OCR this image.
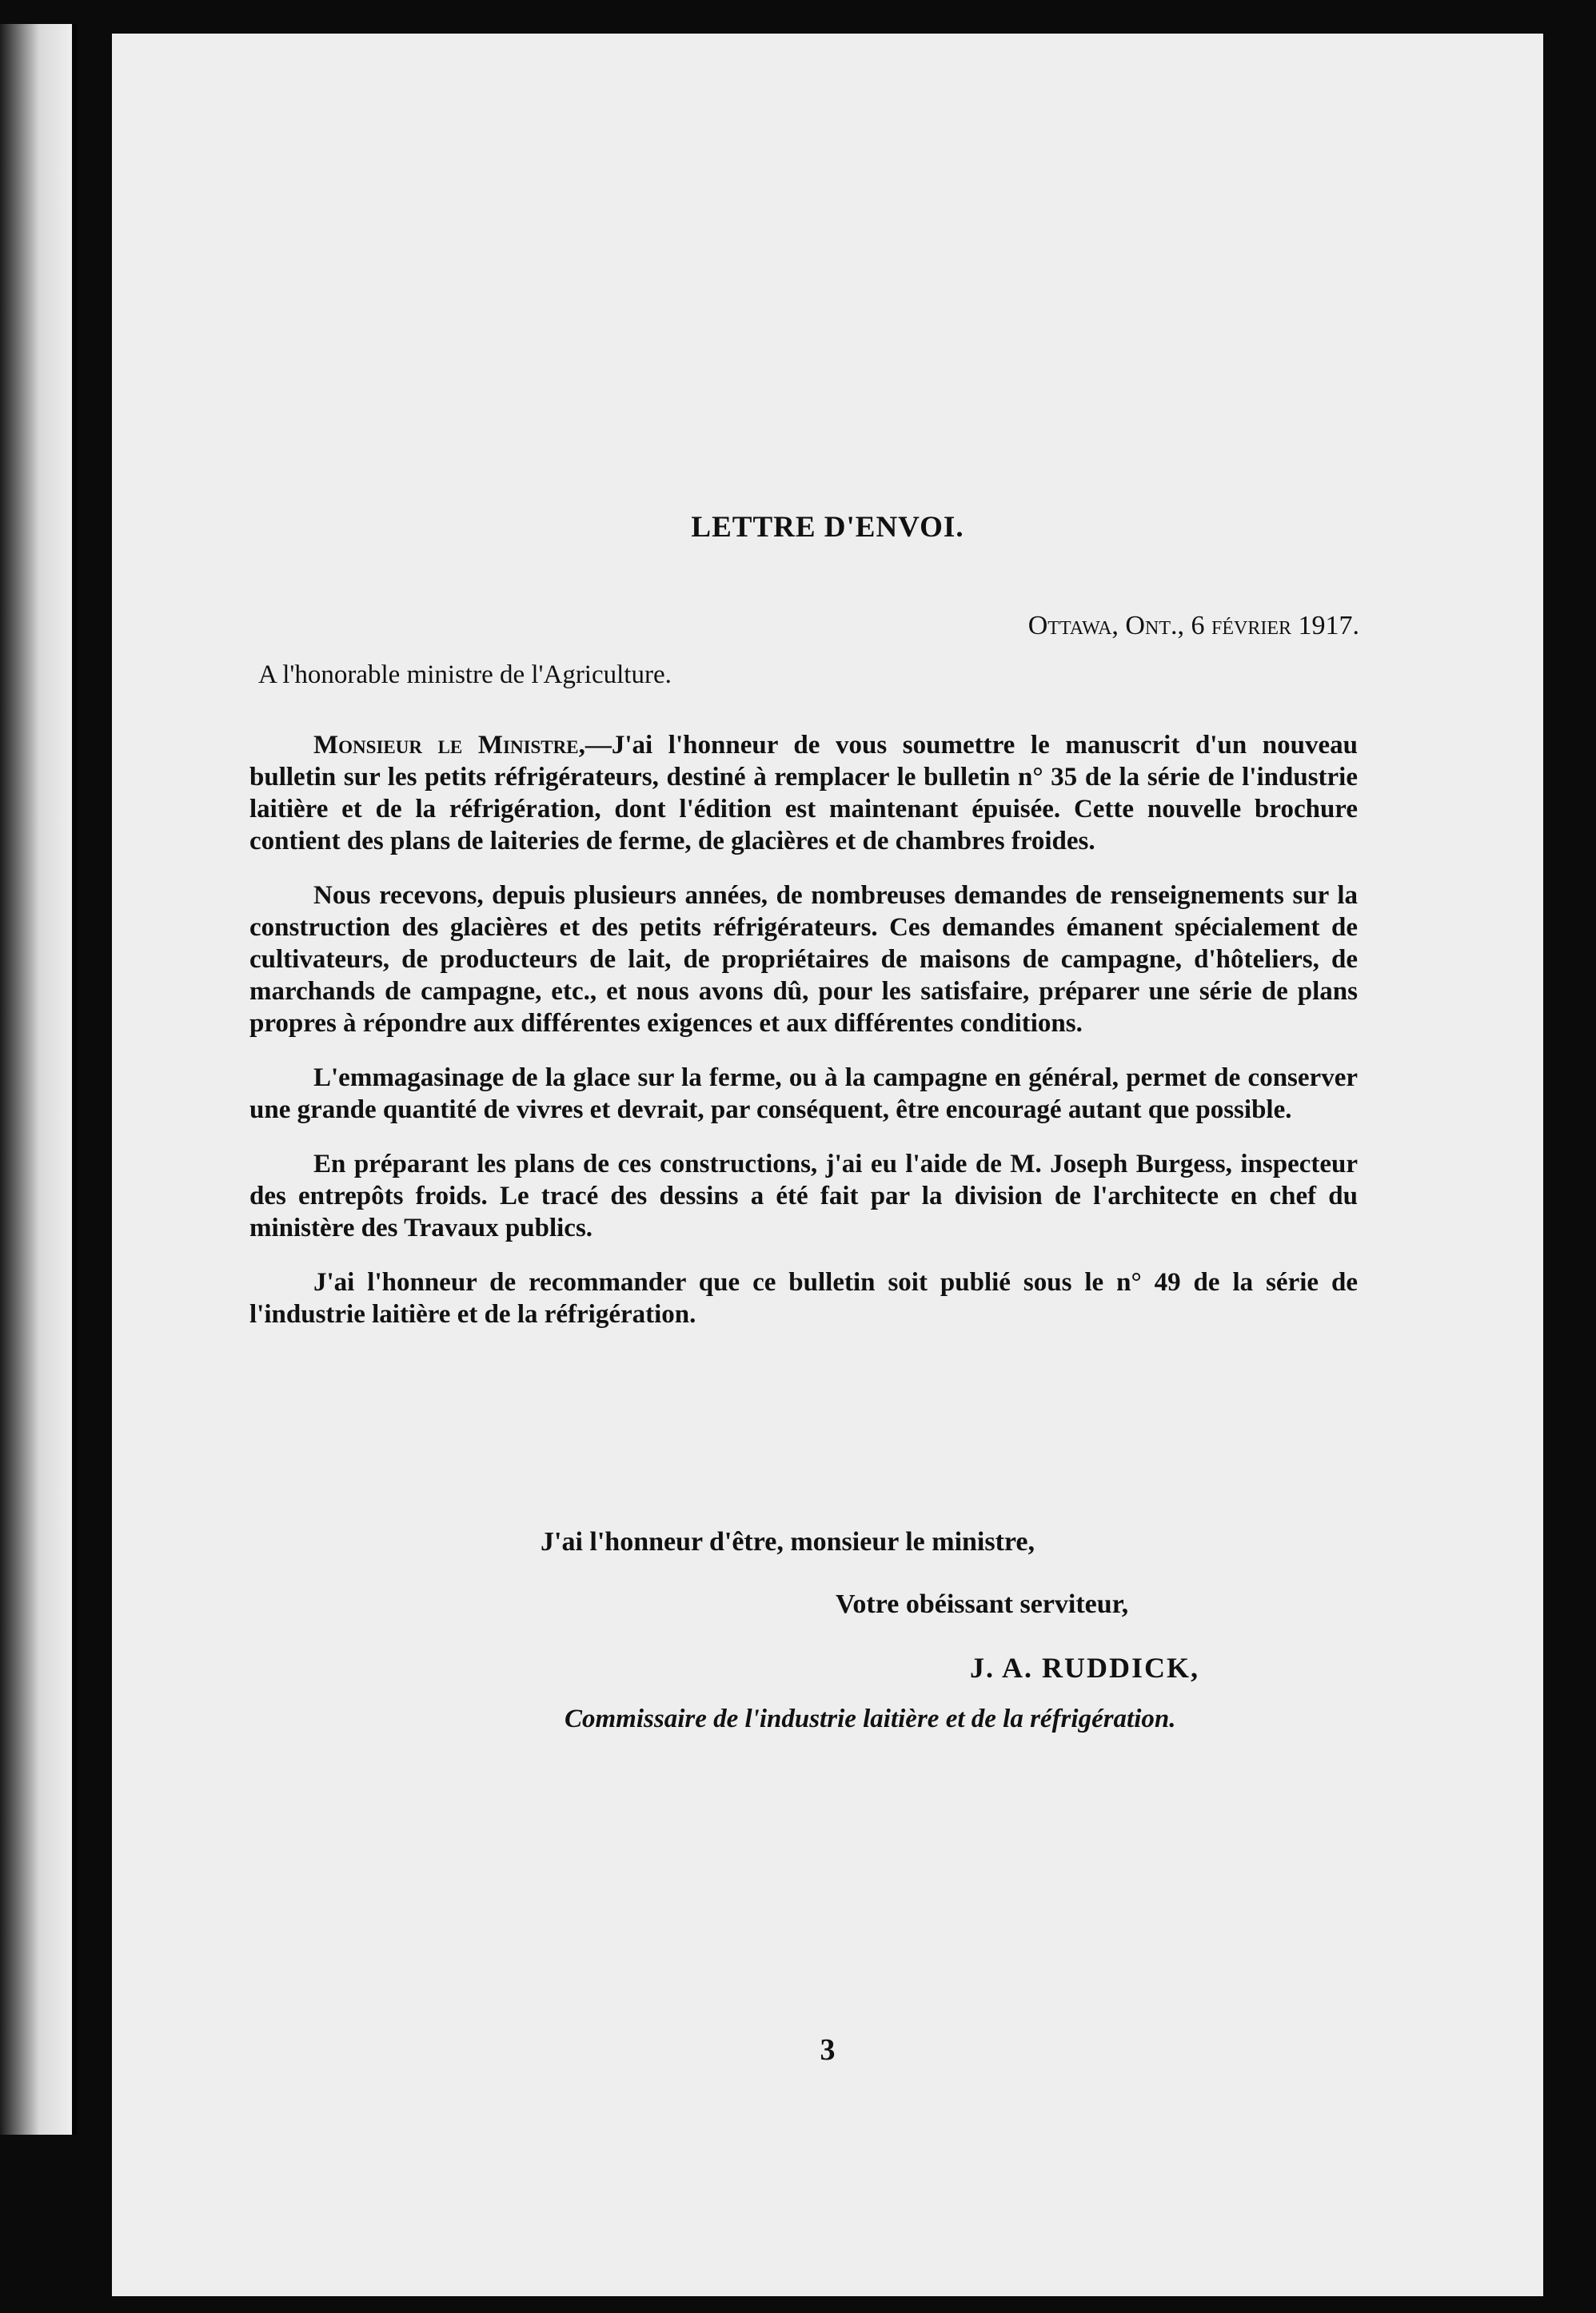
LETTRE D'ENVOI.
Ottawa, Ont., 6 février 1917.
A l'honorable ministre de l'Agriculture.

Monsieur le Ministre,—J'ai l'honneur de vous soumettre le manuscrit d'un nouveau bulletin sur les petits réfrigérateurs, destiné à remplacer le bulletin n° 35 de la série de l'industrie laitière et de la réfrigération, dont l'édition est maintenant épuisée. Cette nouvelle brochure contient des plans de laiteries de ferme, de glacières et de chambres froides.

Nous recevons, depuis plusieurs années, de nombreuses demandes de renseignements sur la construction des glacières et des petits réfrigérateurs. Ces demandes émanent spécialement de cultivateurs, de producteurs de lait, de propriétaires de maisons de campagne, d'hôteliers, de marchands de campagne, etc., et nous avons dû, pour les satisfaire, préparer une série de plans propres à répondre aux différentes exigences et aux différentes conditions.

L'emmagasinage de la glace sur la ferme, ou à la campagne en général, permet de conserver une grande quantité de vivres et devrait, par conséquent, être encouragé autant que possible.

En préparant les plans de ces constructions, j'ai eu l'aide de M. Joseph Burgess, inspecteur des entrepôts froids. Le tracé des dessins a été fait par la division de l'architecte en chef du ministère des Travaux publics.

J'ai l'honneur de recommander que ce bulletin soit publié sous le n° 49 de la série de l'industrie laitière et de la réfrigération.

J'ai l'honneur d'être, monsieur le ministre,
Votre obéissant serviteur,
J. A. RUDDICK,
Commissaire de l'industrie laitière et de la réfrigération.
3
